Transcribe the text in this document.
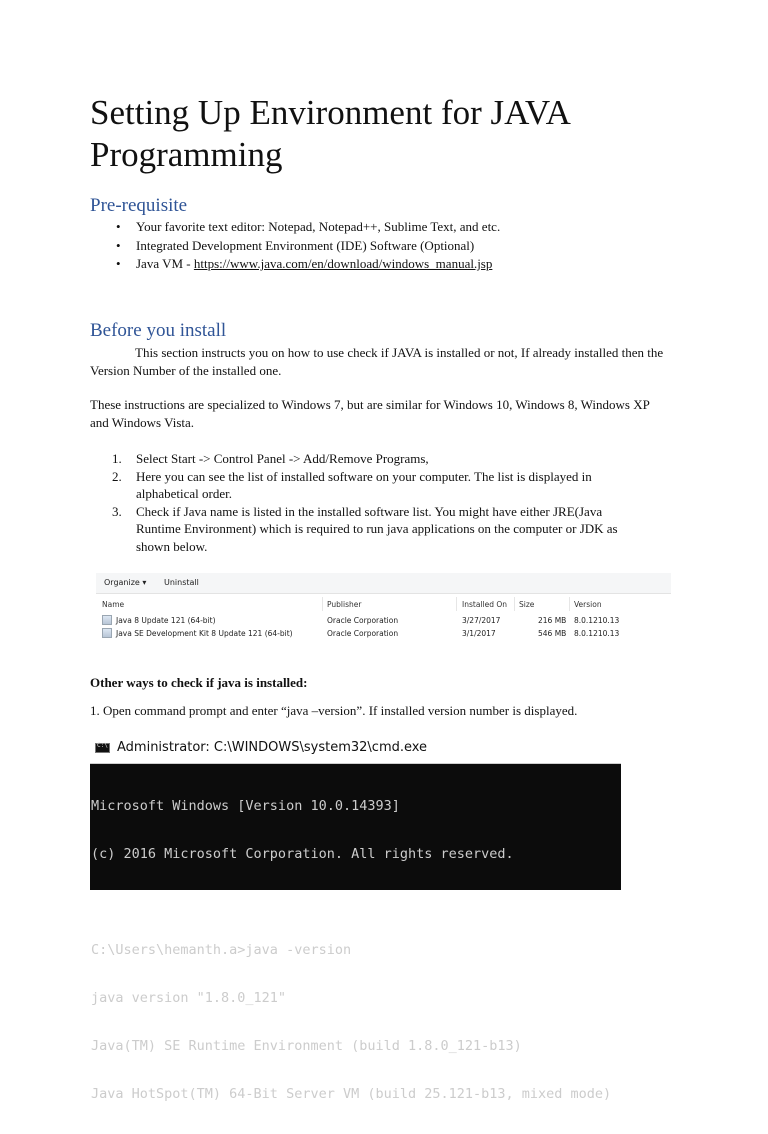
Setting Up Environment for JAVA Programming
Pre-requisite
• Your favorite text editor: Notepad, Notepad++, Sublime Text, and etc.
• Integrated Development Environment (IDE) Software (Optional)
• Java VM - https://www.java.com/en/download/windows_manual.jsp
Before you install

This section instructs you on how to use check if JAVA is installed or not, If already installed then the Version Number of the installed one.

These instructions are specialized to Windows 7, but are similar for Windows 10, Windows 8, Windows XP and Windows Vista.

1. Select Start -> Control Panel -> Add/Remove Programs,
2. Here you can see the list of installed software on your computer. The list is displayed in alphabetical order.
3. Check if Java name is listed in the installed software list. You might have either JRE(Java Runtime Environment) which is required to run java applications on the computer or JDK as shown below.
Organize ▾ Uninstall
Name	Publisher	Installed On Size	Version
Java 8 Update 121 (64-bit)	Oracle Corporation	3/27/2017	216 MB 8.0.1210.13
Java SE Development Kit 8 Update 121 (64-bit)	Oracle Corporation	3/1/2017	546 MB 8.0.1210.13

Other ways to check if java is installed:

1. Open command prompt and enter “java –version”. If installed version number is displayed.

C:\ Administrator: C:\WINDOWS\system32\cmd.exe

Microsoft Windows [Version 10.0.14393]

(c) 2016 Microsoft Corporation. All rights reserved.

C:\Users\hemanth.a>java -version

java version "1.8.0_121"

Java(TM) SE Runtime Environment (build 1.8.0_121-b13)

Java HotSpot(TM) 64-Bit Server VM (build 25.121-b13, mixed mode)
